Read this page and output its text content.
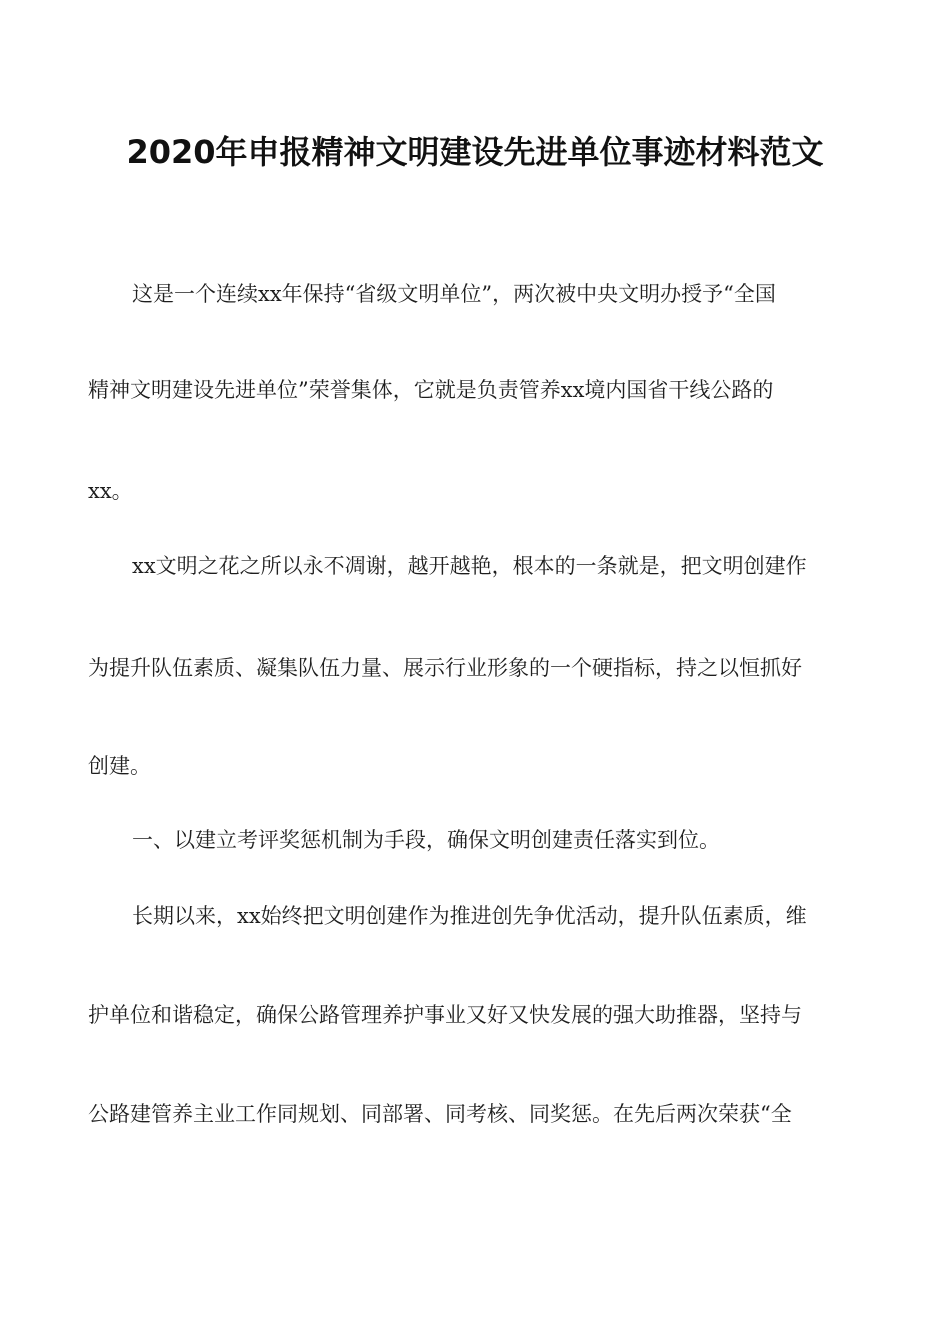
2020年申报精神文明建设先进单位事迹材料范文
这是一个连续xx年保持“省级文明单位”，两次被中央文明办授予“全国
精神文明建设先进单位”荣誉集体，它就是负责管养xx境内国省干线公路的
xx。
xx文明之花之所以永不凋谢，越开越艳，根本的一条就是，把文明创建作
为提升队伍素质、凝集队伍力量、展示行业形象的一个硬指标，持之以恒抓好
创建。
一、以建立考评奖惩机制为手段，确保文明创建责任落实到位。
长期以来，xx始终把文明创建作为推进创先争优活动，提升队伍素质，维
护单位和谐稳定，确保公路管理养护事业又好又快发展的强大助推器，坚持与
公路建管养主业工作同规划、同部署、同考核、同奖惩。在先后两次荣获“全
